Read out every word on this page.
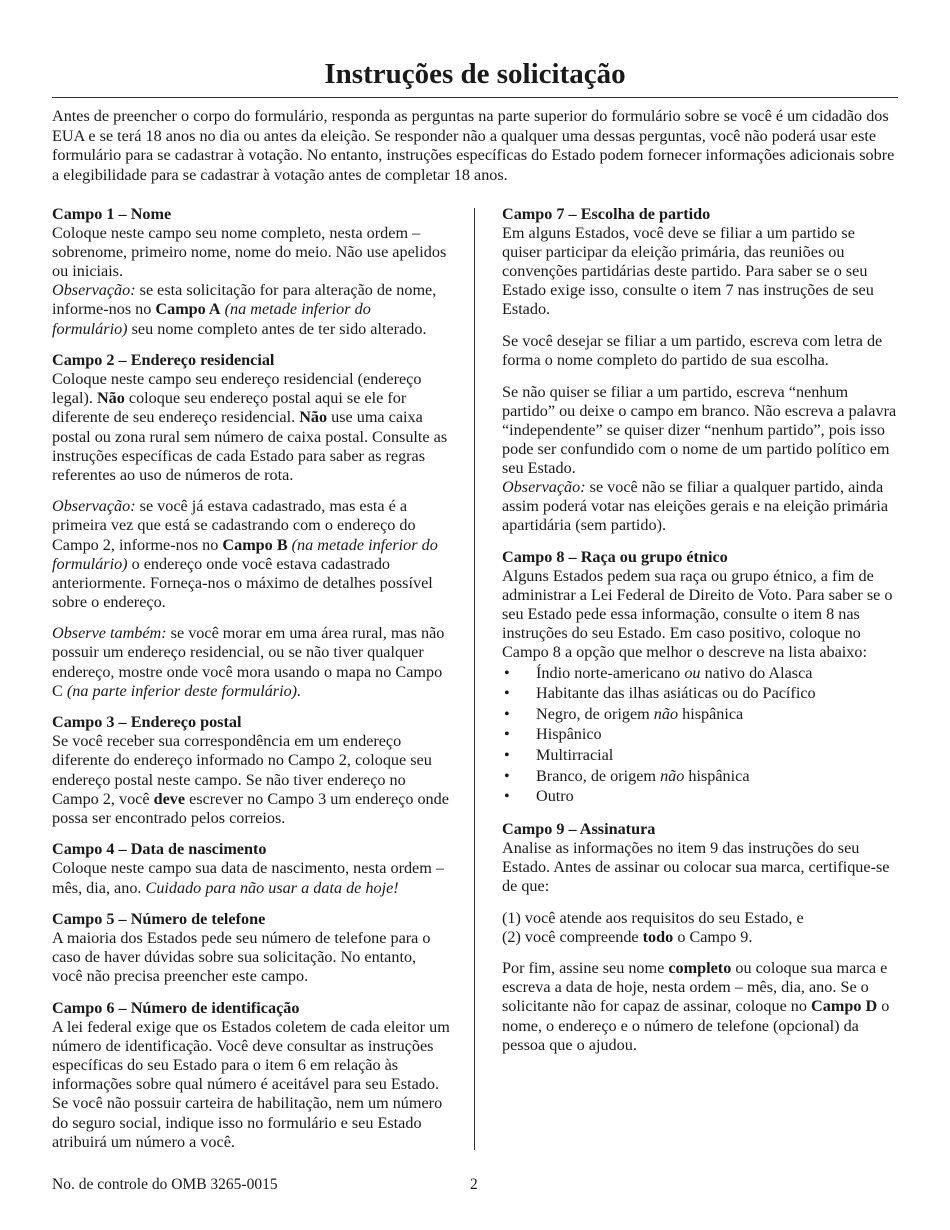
Instruções de solicitação

Antes de preencher o corpo do formulário, responda as perguntas na parte superior do formulário sobre se você é um cidadão dos EUA e se terá 18 anos no dia ou antes da eleição. Se responder não a qualquer uma dessas perguntas, você não poderá usar este formulário para se cadastrar à votação. No entanto, instruções específicas do Estado podem fornecer informações adicionais sobre a elegibilidade para se cadastrar à votação antes de completar 18 anos.

Campo 1 – Nome
Coloque neste campo seu nome completo, nesta ordem – sobrenome, primeiro nome, nome do meio. Não use apelidos ou iniciais.
Observação: se esta solicitação for para alteração de nome, informe-nos no Campo A (na metade inferior do formulário) seu nome completo antes de ter sido alterado.

Campo 2 – Endereço residencial
Coloque neste campo seu endereço residencial (endereço legal). Não coloque seu endereço postal aqui se ele for diferente de seu endereço residencial. Não use uma caixa postal ou zona rural sem número de caixa postal. Consulte as instruções específicas de cada Estado para saber as regras referentes ao uso de números de rota.

Observação: se você já estava cadastrado, mas esta é a primeira vez que está se cadastrando com o endereço do Campo 2, informe-nos no Campo B (na metade inferior do formulário) o endereço onde você estava cadastrado anteriormente. Forneça-nos o máximo de detalhes possível sobre o endereço.

Observe também: se você morar em uma área rural, mas não possuir um endereço residencial, ou se não tiver qualquer endereço, mostre onde você mora usando o mapa no Campo C (na parte inferior deste formulário).

Campo 3 – Endereço postal
Se você receber sua correspondência em um endereço diferente do endereço informado no Campo 2, coloque seu endereço postal neste campo. Se não tiver endereço no Campo 2, você deve escrever no Campo 3 um endereço onde possa ser encontrado pelos correios.

Campo 4 – Data de nascimento
Coloque neste campo sua data de nascimento, nesta ordem – mês, dia, ano. Cuidado para não usar a data de hoje!

Campo 5 – Número de telefone
A maioria dos Estados pede seu número de telefone para o caso de haver dúvidas sobre sua solicitação. No entanto, você não precisa preencher este campo.

Campo 6 – Número de identificação
A lei federal exige que os Estados coletem de cada eleitor um número de identificação. Você deve consultar as instruções específicas do seu Estado para o item 6 em relação às informações sobre qual número é aceitável para seu Estado. Se você não possuir carteira de habilitação, nem um número do seguro social, indique isso no formulário e seu Estado atribuirá um número a você.

Campo 7 – Escolha de partido
Em alguns Estados, você deve se filiar a um partido se quiser participar da eleição primária, das reuniões ou convenções partidárias deste partido. Para saber se o seu Estado exige isso, consulte o item 7 nas instruções de seu Estado.

Se você desejar se filiar a um partido, escreva com letra de forma o nome completo do partido de sua escolha.

Se não quiser se filiar a um partido, escreva “nenhum partido” ou deixe o campo em branco. Não escreva a palavra “independente” se quiser dizer “nenhum partido”, pois isso pode ser confundido com o nome de um partido político em seu Estado.
Observação: se você não se filiar a qualquer partido, ainda assim poderá votar nas eleições gerais e na eleição primária apartidária (sem partido).

Campo 8 – Raça ou grupo étnico
Alguns Estados pedem sua raça ou grupo étnico, a fim de administrar a Lei Federal de Direito de Voto. Para saber se o seu Estado pede essa informação, consulte o item 8 nas instruções do seu Estado. Em caso positivo, coloque no Campo 8 a opção que melhor o descreve na lista abaixo:

• Índio norte-americano ou nativo do Alasca
• Habitante das ilhas asiáticas ou do Pacífico
• Negro, de origem não hispânica
• Hispânico
• Multirracial
• Branco, de origem não hispânica
• Outro

Campo 9 – Assinatura
Analise as informações no item 9 das instruções do seu Estado. Antes de assinar ou colocar sua marca, certifique-se de que:

(1) você atende aos requisitos do seu Estado, e
(2) você compreende todo o Campo 9.

Por fim, assine seu nome completo ou coloque sua marca e escreva a data de hoje, nesta ordem – mês, dia, ano. Se o solicitante não for capaz de assinar, coloque no Campo D o nome, o endereço e o número de telefone (opcional) da pessoa que o ajudou.

No. de controle do OMB 3265-0015	2
